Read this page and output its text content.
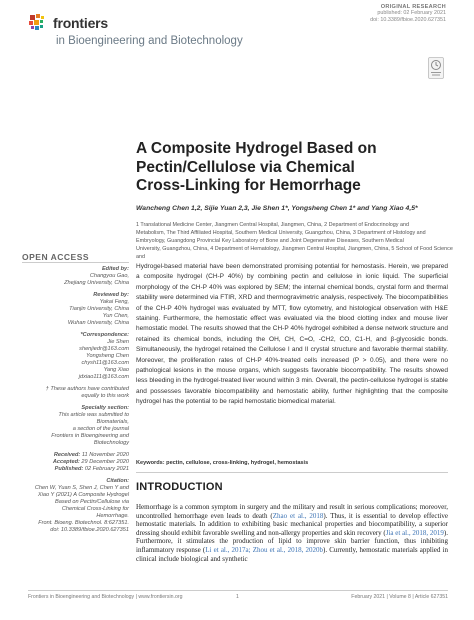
frontiers
in Bioengineering and Biotechnology
ORIGINAL RESEARCH
published: 02 February 2021
doi: 10.3389/fbioe.2020.627351
A Composite Hydrogel Based on
Pectin/Cellulose via Chemical
Cross-Linking for Hemorrhage
Wancheng Chen 1,2, Sijie Yuan 2,3, Jie Shen 1*, Yongsheng Chen 1* and Yang Xiao 4,5*
1 Translational Medicine Center, Jiangmen Central Hospital, Jiangmen, China, 2 Department of Endocrinology and
Metabolism, The Third Affiliated Hospital, Southern Medical University, Guangzhou, China, 3 Department of Histology and
Embryology, Guangdong Provincial Key Laboratory of Bone and Joint Degenerative Diseases, Southern Medical
University, Guangzhou, China, 4 Department of Hematology, Jiangmen Central Hospital, Jiangmen, China, 5 School of Food Science and
OPEN ACCESS
Edited by:
Changyou Gao,
Zhejiang University, China
Reviewed by:
Yakai Feng,
Tianjin University, China
Yun Chen,
Wuhan University, China
*Correspondence:
Jie Shen
shenjiedr@163.com
Yongsheng Chen
chysh11@163.com
Yang Xiao
jdxiao111@163.com
† These authors have contributed
equally to this work
Specialty section:
This article was submitted to
Biomaterials,
a section of the journal
Frontiers in Bioengineering and
Biotechnology
Received: 11 November 2020
Accepted: 29 December 2020
Published: 02 February 2021
Citation:
Chen W, Yuan S, Shen J, Chen Y and
Xiao Y (2021) A Composite Hydrogel
Based on Pectin/Cellulose via
Chemical Cross-Linking for
Hemorrhage.
Front. Bioeng. Biotechnol. 8:627351.
doi: 10.3389/fbioe.2020.627351
Hydrogel-based material have been demonstrated promising potential for hemostasis. Herein, we prepared a composite hydrogel (CH-P 40%) by combining pectin and cellulose in ionic liquid. The superficial morphology of the CH-P 40% was explored by SEM; the internal chemical bonds, crystal form and thermal stability were determined via FTIR, XRD and thermogravimetric analysis, respectively. The biocompatibilities of the CH-P 40% hydrogel was evaluated by MTT, flow cytometry, and histological observation with H&E staining. Furthermore, the hemostatic effect was evaluated via the blood clotting index and mouse liver hemostatic model. The results showed that the CH-P 40% hydrogel exhibited a dense network structure and retained its chemical bonds, including the OH, CH, C=O, -CH2, CO, C1-H, and β-glycosidic bonds. Simultaneously, the hydrogel retained the Cellulose I and II crystal structure and favorable thermal stability. Moreover, the proliferation rates of CH-P 40%-treated cells increased (P > 0.05), and there were no pathological lesions in the mouse organs, which suggests favorable biocompatibility. The results showed less bleeding in the hydrogel-treated liver wound within 3 min. Overall, the pectin-cellulose hydrogel is stable and possesses favorable biocompatibility and hemostatic ability, further highlighting that the composite hydrogel has the potential to be rapid hemostatic biomedical material.
Keywords: pectin, cellulose, cross-linking, hydrogel, hemostasis
INTRODUCTION
Hemorrhage is a common symptom in surgery and the military and result in serious complications; moreover, uncontrolled hemorrhage even leads to death (Zhao et al., 2018). Thus, it is essential to develop effective hemostatic materials. In addition to exhibiting basic mechanical properties and biocompatibility, a superior dressing should exhibit favorable swelling and non-allergy properties and skin recovery (Jia et al., 2018, 2019). Furthermore, it stimulates the production of lipid to improve skin barrier function, thus inhibiting inflammatory response (Li et al., 2017a; Zhou et al., 2018, 2020b). Currently, hemostatic materials applied in clinical include biological and synthetic
Frontiers in Bioengineering and Biotechnology | www.frontiersin.org	1	February 2021 | Volume 8 | Article 627351
